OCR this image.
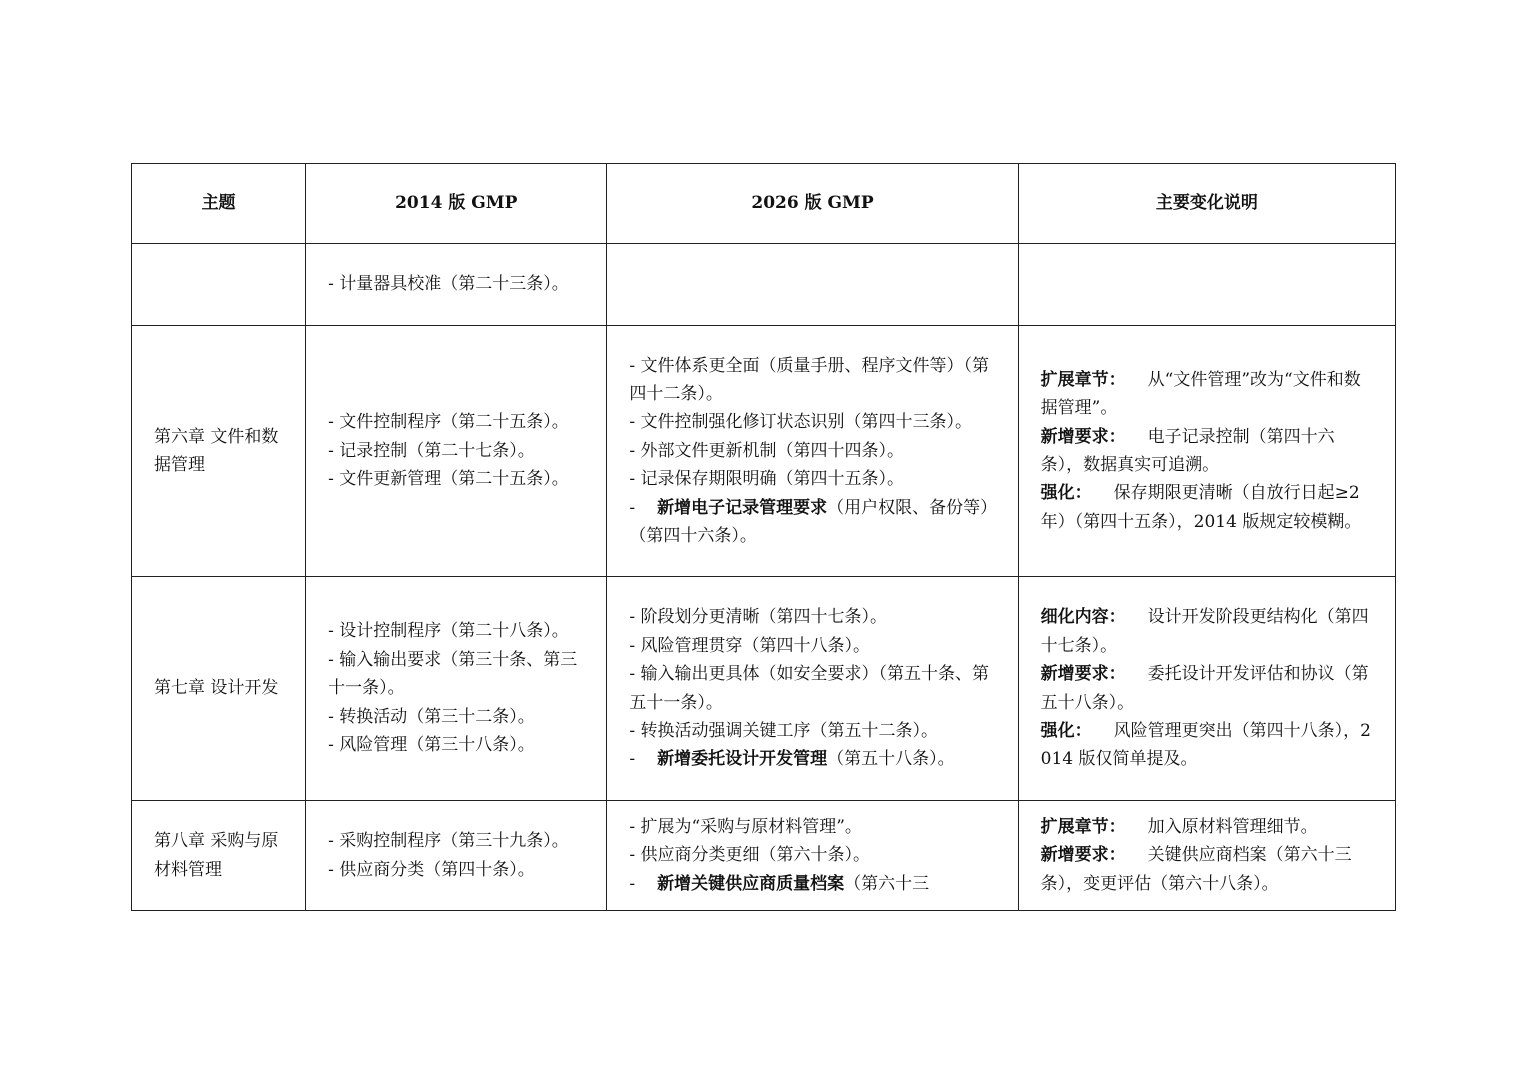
主题	2014 版 GMP	2026 版 GMP	主要变化说明

	- 计量器具校准（第二十三条）。		

第六章 文件和数据管理	- 文件控制程序（第二十五条）。
- 记录控制（第二十七条）。
- 文件更新管理（第二十五条）。	- 文件体系更全面（质量手册、程序文件等）（第四十二条）。
- 文件控制强化修订状态识别（第四十三条）。
- 外部文件更新机制（第四十四条）。
- 记录保存期限明确（第四十五条）。
- 新增电子记录管理要求（用户权限、备份等）（第四十六条）。	扩展章节： 从“文件管理”改为“文件和数据管理”。
新增要求： 电子记录控制（第四十六条），数据真实可追溯。
强化： 保存期限更清晰（自放行日起≥2 年）（第四十五条），2014 版规定较模糊。

第七章 设计开发	- 设计控制程序（第二十八条）。
- 输入输出要求（第三十条、第三十一条）。
- 转换活动（第三十二条）。
- 风险管理（第三十八条）。	- 阶段划分更清晰（第四十七条）。
- 风险管理贯穿（第四十八条）。
- 输入输出更具体（如安全要求）（第五十条、第五十一条）。
- 转换活动强调关键工序（第五十二条）。
- 新增委托设计开发管理（第五十八条）。	细化内容： 设计开发阶段更结构化（第四十七条）。
新增要求： 委托设计开发评估和协议（第五十八条）。
强化： 风险管理更突出（第四十八条），2014 版仅简单提及。

第八章 采购与原材料管理	- 采购控制程序（第三十九条）。
- 供应商分类（第四十条）。	- 扩展为“采购与原材料管理”。
- 供应商分类更细（第六十条）。
- 新增关键供应商质量档案（第六十三	扩展章节： 加入原材料管理细节。
新增要求： 关键供应商档案（第六十三条），变更评估（第六十八条）。
